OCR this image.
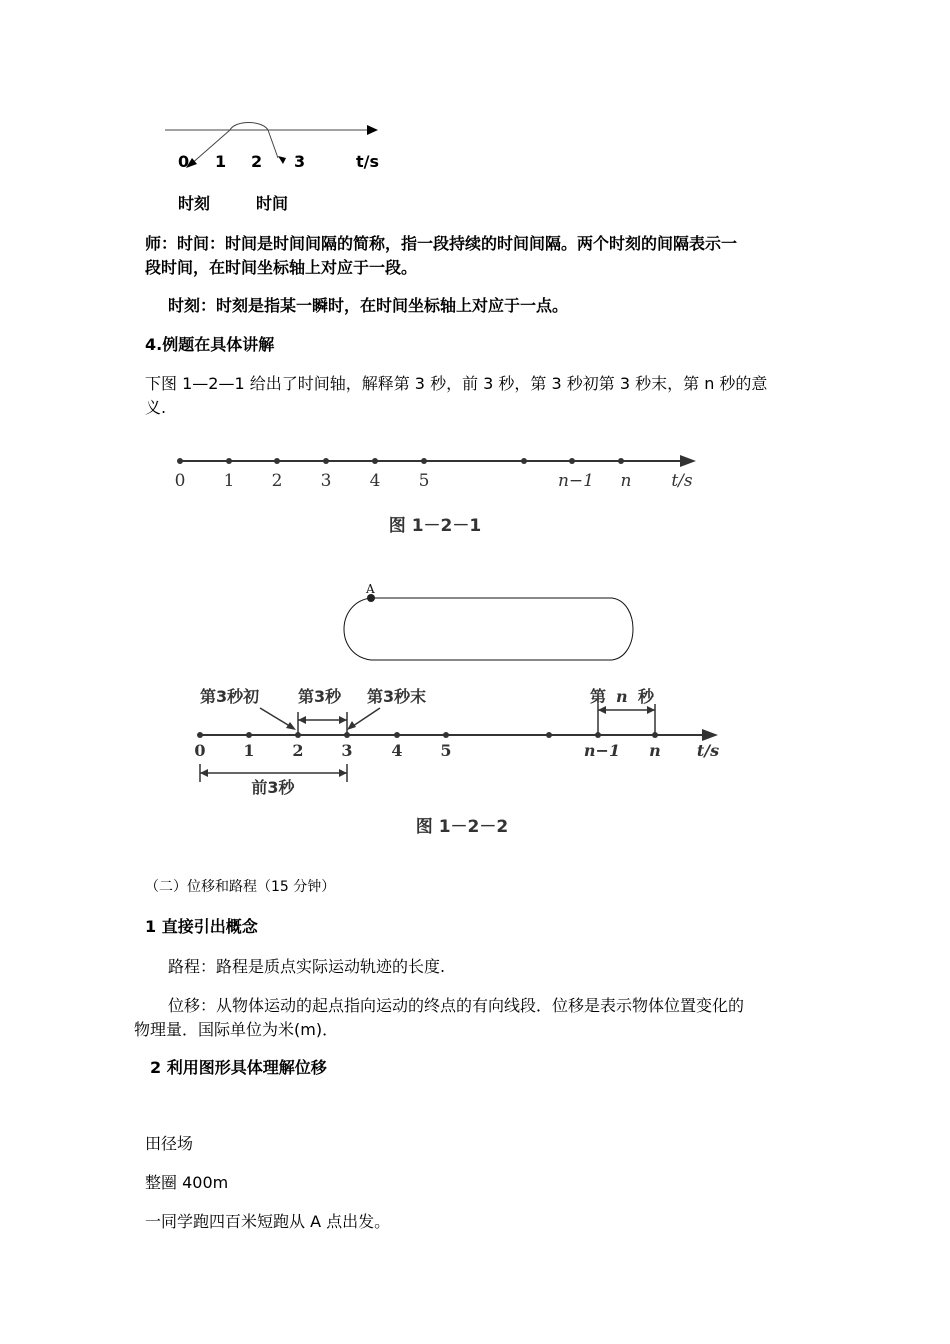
0 1 2 3	t/s
时刻	时间
师：时间：时间是时间间隔的简称，指一段持续的时间间隔。两个时刻的间隔表示一
段时间，在时间坐标轴上对应于一段。
时刻：时刻是指某一瞬时，在时间坐标轴上对应于一点。
4.例题在具体讲解
下图 1—2—1 给出了时间轴，解释第 3 秒，前 3 秒，第 3 秒初第 3 秒末，第 n 秒的意
义.
0 1 2 3 4 5	n−1 n t/s
图 1－2－1
A
第3秒初 第3秒 第3秒末	第 n 秒
0 1 2 3 4 5	n−1 n t/s
前3秒
图 1－2－2
（二）位移和路程（15 分钟）
1 直接引出概念
路程：路程是质点实际运动轨迹的长度.
位移：从物体运动的起点指向运动的终点的有向线段．位移是表示物体位置变化的
物理量．国际单位为米(m)．
2 利用图形具体理解位移
田径场
整圈 400m
一同学跑四百米短跑从 A 点出发。
